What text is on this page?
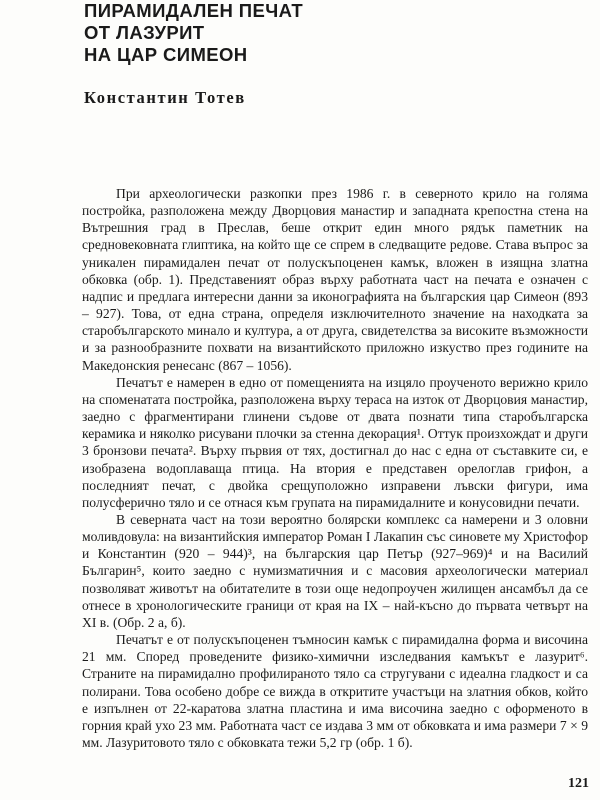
ПИРАМИДАЛЕН ПЕЧАТ
ОТ ЛАЗУРИТ
НА ЦАР СИМЕОН
Константин Тотев

При археологически разкопки през 1986 г. в северното крило на голяма постройка, разположена между Дворцовия манастир и западната крепостна стена на Вътрешния град в Преслав, беше открит един много рядък паметник на средновековната глиптика, на който ще се спрем в следващите редове. Става въпрос за уникален пирамидален печат от полускъпоценен камък, вложен в изящна златна обковка (обр. 1). Представеният образ върху работната част на печата е означен с надпис и предлага интересни данни за иконографията на българския цар Симеон (893 – 927). Това, от една страна, определя изключителното значение на находката за старобългарското минало и култура, а от друга, свидетелства за високите възможности и за разнообразните похвати на византийското приложно изкуство през годините на Македонския ренесанс (867 – 1056).

Печатът е намерен в едно от помещенията на изцяло проученото верижно крило на споменатата постройка, разположена върху тераса на изток от Дворцовия манастир, заедно с фрагментирани глинени съдове от двата познати типа старобългарска керамика и няколко рисувани плочки за стенна декорация¹. Оттук произхождат и други 3 бронзови печата². Върху първия от тях, достигнал до нас с една от съставките си, е изобразена водоплаваща птица. На втория е представен орелоглав грифон, а последният печат, с двойка срещуположно изправени лъвски фигури, има полусферично тяло и се отнася към групата на пирамидалните и конусовидни печати.

В северната част на този вероятно болярски комплекс са намерени и 3 оловни моливдовула: на византийския император Роман I Лакапин със синовете му Христофор и Константин (920 – 944)³, на българския цар Петър (927–969)⁴ и на Василий Българин⁵, които заедно с нумизматичния и с масовия археологически материал позволяват животът на обитателите в този още недопроучен жилищен ансамбъл да се отнесе в хронологическите граници от края на IX – най-късно до първата четвърт на XI в. (Обр. 2 а, б).

Печатът е от полускъпоценен тъмносин камък с пирамидална форма и височина 21 мм. Според проведените физико-химични изследвания камъкът е лазурит⁶. Страните на пирамидално профилираното тяло са стругувани с идеална гладкост и са полирани. Това особено добре се вижда в откритите участъци на златния обков, който е изпълнен от 22-каратова златна пластина и има височина заедно с оформеното в горния край ухо 23 мм. Работната част се издава 3 мм от обковката и има размери 7 × 9 мм. Лазуритовото тяло с обковката тежи 5,2 гр (обр. 1 б).

121
